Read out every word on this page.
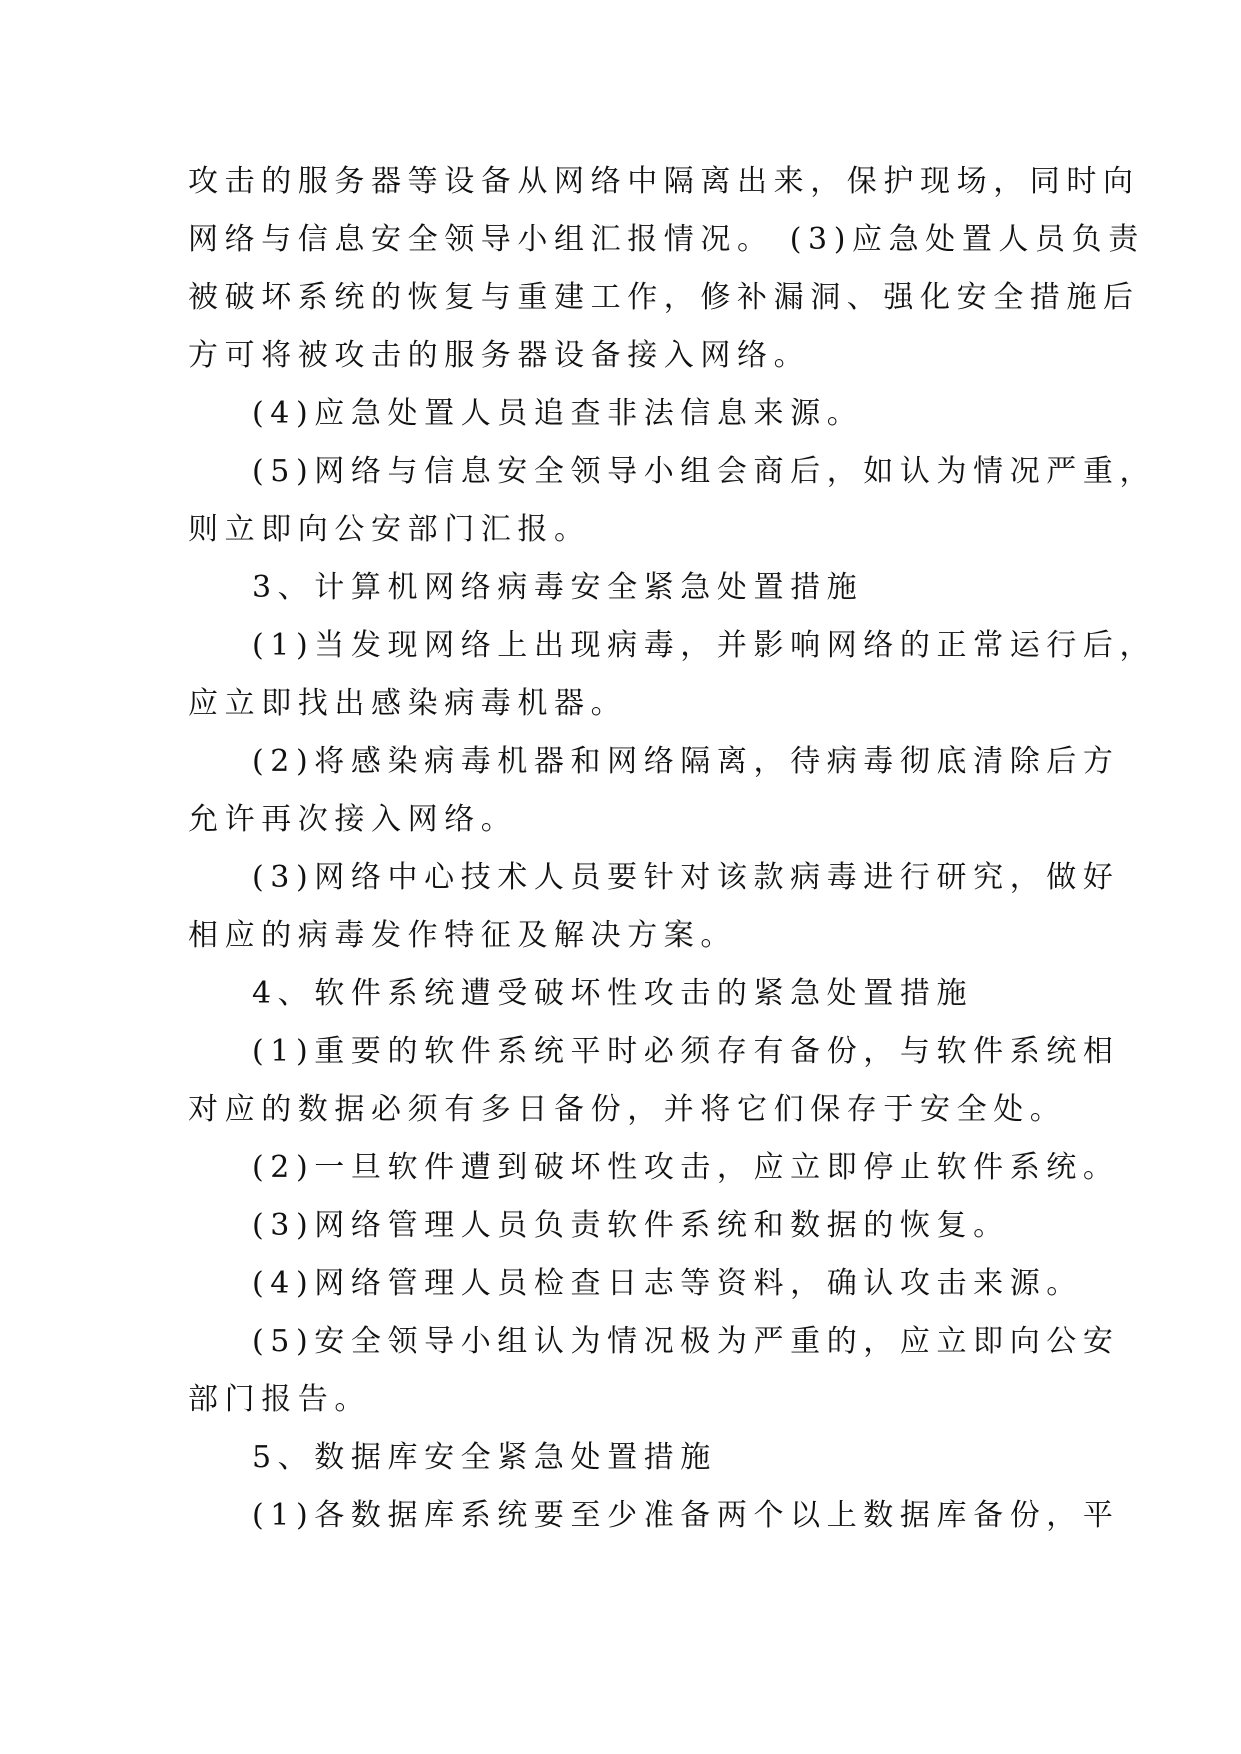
攻击的服务器等设备从网络中隔离出来，保护现场，同时向
网络与信息安全领导小组汇报情况。 (3)应急处置人员负责
被破坏系统的恢复与重建工作，修补漏洞、强化安全措施后
方可将被攻击的服务器设备接入网络。
(4)应急处置人员追查非法信息来源。
(5)网络与信息安全领导小组会商后，如认为情况严重，
则立即向公安部门汇报。
3、计算机网络病毒安全紧急处置措施
(1)当发现网络上出现病毒，并影响网络的正常运行后，
应立即找出感染病毒机器。
(2)将感染病毒机器和网络隔离，待病毒彻底清除后方
允许再次接入网络。
(3)网络中心技术人员要针对该款病毒进行研究，做好
相应的病毒发作特征及解决方案。
4、软件系统遭受破坏性攻击的紧急处置措施
(1)重要的软件系统平时必须存有备份，与软件系统相
对应的数据必须有多日备份，并将它们保存于安全处。
(2)一旦软件遭到破坏性攻击，应立即停止软件系统。
(3)网络管理人员负责软件系统和数据的恢复。
(4)网络管理人员检查日志等资料，确认攻击来源。
(5)安全领导小组认为情况极为严重的，应立即向公安
部门报告。
5、数据库安全紧急处置措施
(1)各数据库系统要至少准备两个以上数据库备份，平
